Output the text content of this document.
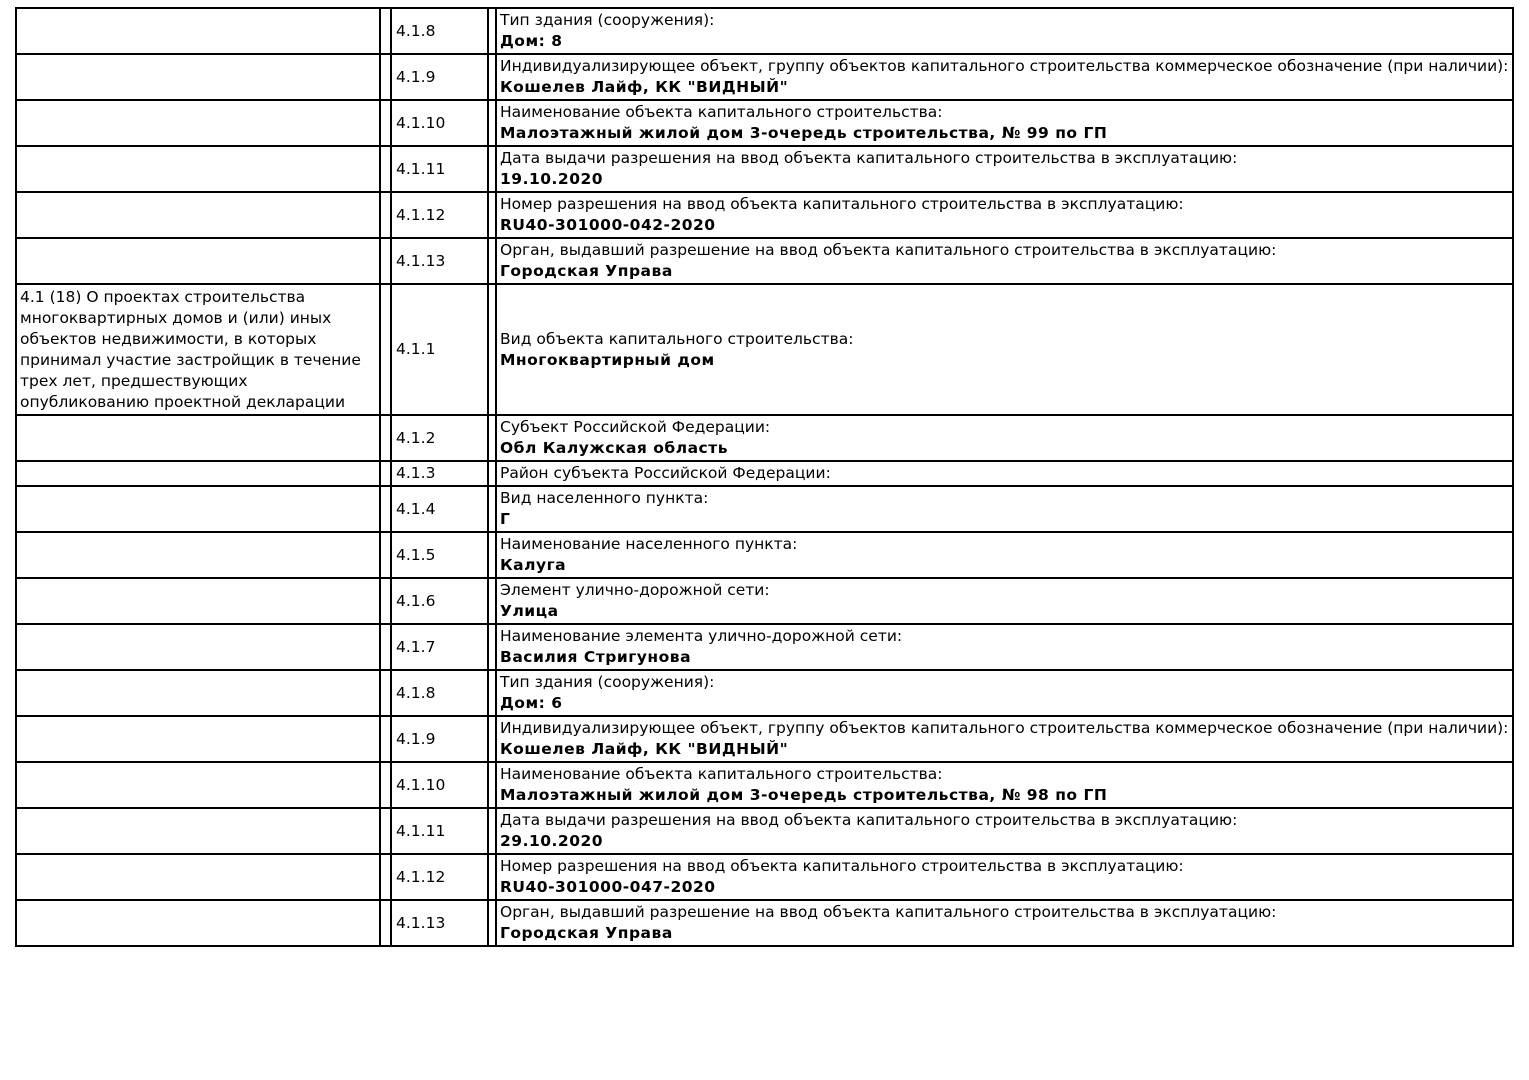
		4.1.8		Тип здания (сооружения):
Дом: 8

		4.1.9		Индивидуализирующее объект, группу объектов капитального строительства коммерческое обозначение (при наличии):
Кошелев Лайф, КК "ВИДНЫЙ"

		4.1.10		Наименование объекта капитального строительства:
Малоэтажный жилой дом 3-очередь строительства, № 99 по ГП

		4.1.11		Дата выдачи разрешения на ввод объекта капитального строительства в эксплуатацию:
19.10.2020

		4.1.12		Номер разрешения на ввод объекта капитального строительства в эксплуатацию:
RU40-301000-042-2020

		4.1.13		Орган, выдавший разрешение на ввод объекта капитального строительства в эксплуатацию:
Городская Управа

4.1 (18) О проектах строительства многоквартирных домов и (или) иных объектов недвижимости, в которых принимал участие застройщик в течение трех лет, предшествующих опубликованию проектной декларации		4.1.1		Вид объекта капитального строительства:
Многоквартирный дом

		4.1.2		Субъект Российской Федерации:
Обл Калужская область

		4.1.3		Район субъекта Российской Федерации:

		4.1.4		Вид населенного пункта:
Г

		4.1.5		Наименование населенного пункта:
Калуга

		4.1.6		Элемент улично-дорожной сети:
Улица

		4.1.7		Наименование элемента улично-дорожной сети:
Василия Стригунова

		4.1.8		Тип здания (сооружения):
Дом: 6

		4.1.9		Индивидуализирующее объект, группу объектов капитального строительства коммерческое обозначение (при наличии):
Кошелев Лайф, КК "ВИДНЫЙ"

		4.1.10		Наименование объекта капитального строительства:
Малоэтажный жилой дом 3-очередь строительства, № 98 по ГП

		4.1.11		Дата выдачи разрешения на ввод объекта капитального строительства в эксплуатацию:
29.10.2020

		4.1.12		Номер разрешения на ввод объекта капитального строительства в эксплуатацию:
RU40-301000-047-2020

		4.1.13		Орган, выдавший разрешение на ввод объекта капитального строительства в эксплуатацию:
Городская Управа
